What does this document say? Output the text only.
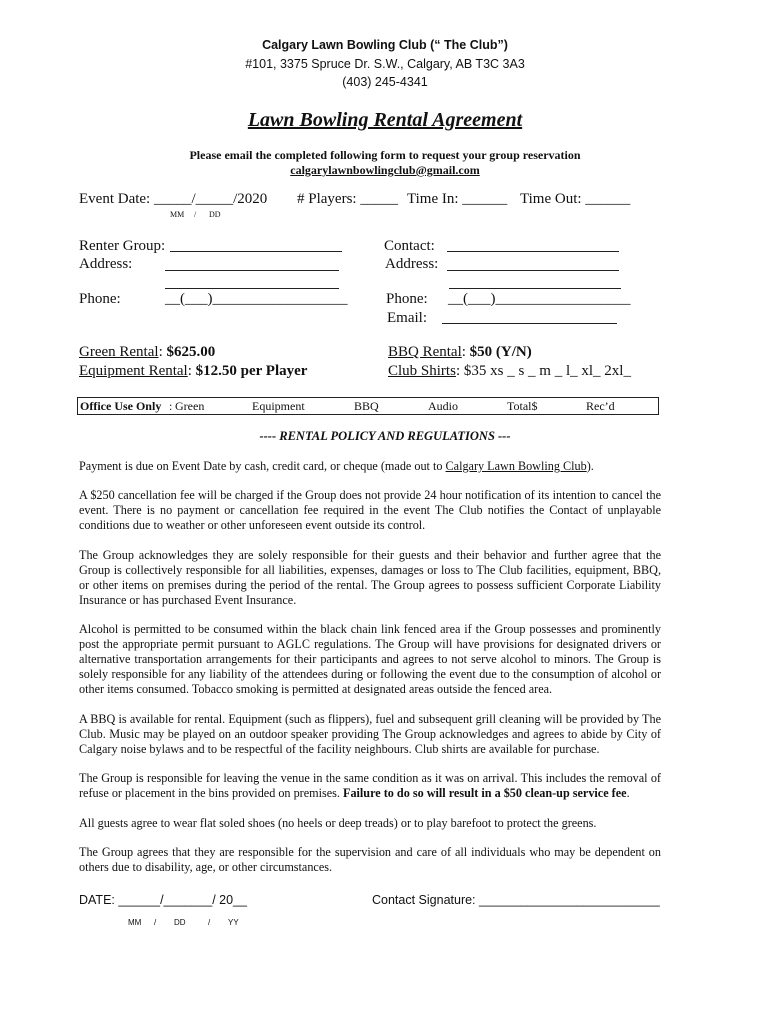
Calgary Lawn Bowling Club (“ The Club”)
#101, 3375 Spruce Dr. S.W., Calgary, AB T3C 3A3
(403) 245-4341
Lawn Bowling Rental Agreement
Please email the completed following form to request your group reservation
calgarylawnbowlingclub@gmail.com
Event Date: _____/_____/2020
MM / DD
# Players: _____ Time In: ______ Time Out: ______
Renter Group:
Address:
Phone:	__(___)__________________
Contact:
Address:
Phone: __(___)__________________
Email:
Green Rental: $625.00
Equipment Rental: $12.50 per Player
BBQ Rental: $50 (Y/N)
Club Shirts: $35 xs _ s _ m _ l_ xl_ 2xl_
Office Use Only : Green	Equipment	BBQ	Audio	Total$	Rec’d
---- RENTAL POLICY AND REGULATIONS ---

Payment is due on Event Date by cash, credit card, or cheque (made out to Calgary Lawn Bowling Club).

A $250 cancellation fee will be charged if the Group does not provide 24 hour notification of its intention to cancel the event. There is no payment or cancellation fee required in the event The Club notifies the Contact of unplayable conditions due to weather or other unforeseen event outside its control.

The Group acknowledges they are solely responsible for their guests and their behavior and further agree that the Group is collectively responsible for all liabilities, expenses, damages or loss to The Club facilities, equipment, BBQ, or other items on premises during the period of the rental. The Group agrees to possess sufficient Corporate Liability Insurance or has purchased Event Insurance.

Alcohol is permitted to be consumed within the black chain link fenced area if the Group possesses and prominently post the appropriate permit pursuant to AGLC regulations. The Group will have provisions for designated drivers or alternative transportation arrangements for their participants and agrees to not serve alcohol to minors. The Group is solely responsible for any liability of the attendees during or following the event due to the consumption of alcohol or other items consumed. Tobacco smoking is permitted at designated areas outside the fenced area.

A BBQ is available for rental. Equipment (such as flippers), fuel and subsequent grill cleaning will be provided by The Club. Music may be played on an outdoor speaker providing The Group acknowledges and agrees to abide by City of Calgary noise bylaws and to be respectful of the facility neighbours. Club shirts are available for purchase.

The Group is responsible for leaving the venue in the same condition as it was on arrival. This includes the removal of refuse or placement in the bins provided on premises. Failure to do so will result in a $50 clean-up service fee.

All guests agree to wear flat soled shoes (no heels or deep treads) or to play barefoot to protect the greens.

The Group agrees that they are responsible for the supervision and care of all individuals who may be dependent on others due to disability, age, or other circumstances.

DATE: ______/_______/ 20__
MM / DD	/ YY
Contact Signature: __________________________
